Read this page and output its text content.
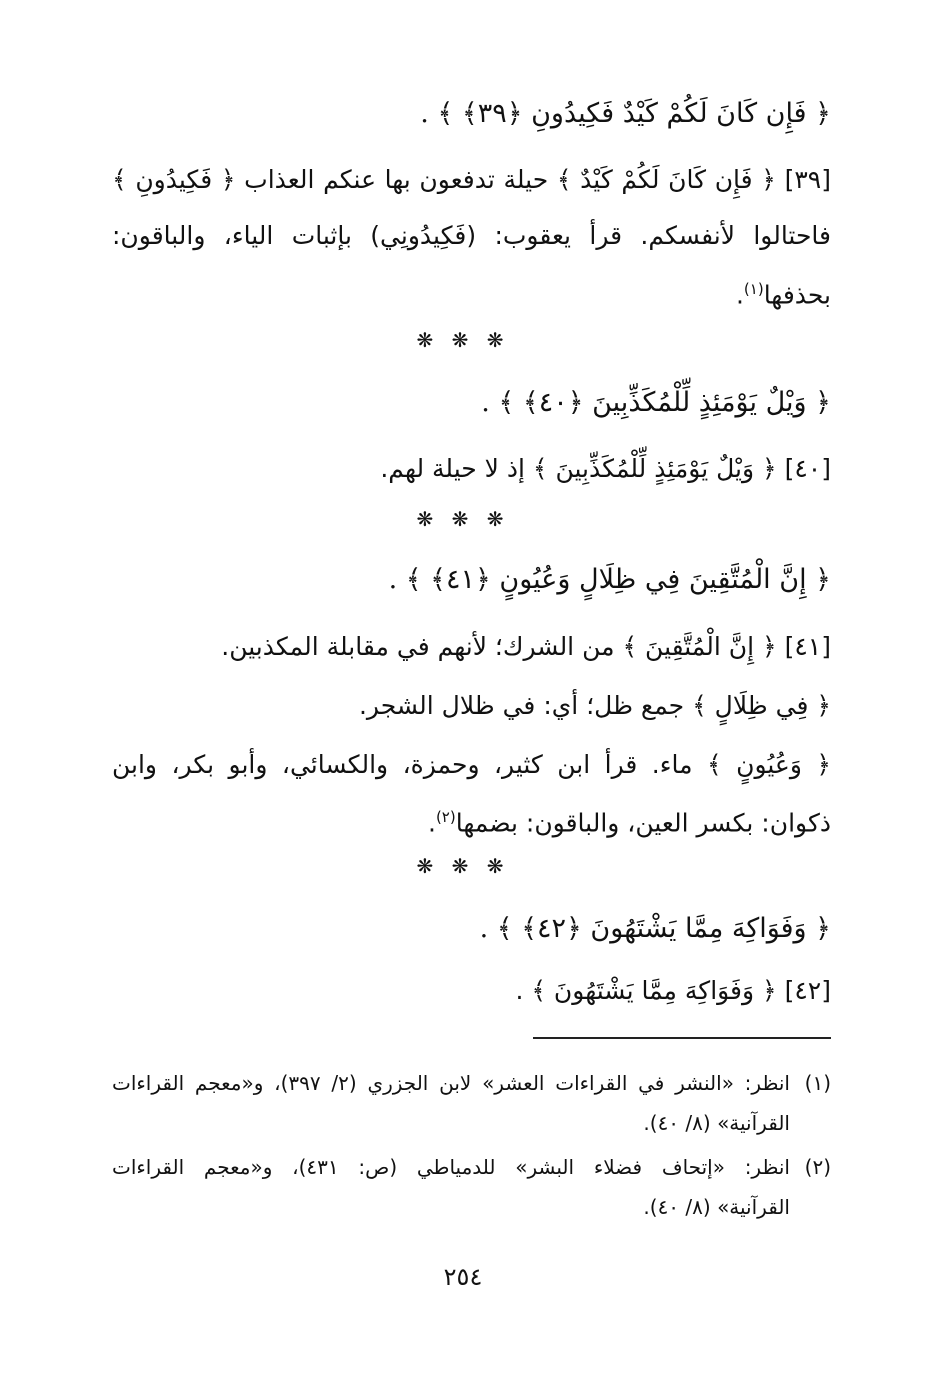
﴿ فَإِن كَانَ لَكُمْ كَيْدٌ فَكِيدُونِ ﴿٣٩﴾ ﴾ .
[٣٩] ﴿ فَإِن كَانَ لَكُمْ كَيْدٌ ﴾ حيلة تدفعون بها عنكم العذاب ﴿ فَكِيدُونِ ﴾
فاحتالوا لأنفسكم. قرأ يعقوب: (فَكِيدُونِي) بإثبات الياء، والباقون:
بحذفها$^{(١)}$.
❋ ❋ ❋
﴿ وَيْلٌ يَوْمَئِذٍ لِّلْمُكَذِّبِينَ ﴿٤٠﴾ ﴾ .
[٤٠] ﴿ وَيْلٌ يَوْمَئِذٍ لِّلْمُكَذِّبِينَ ﴾ إذ لا حيلة لهم.
❋ ❋ ❋
﴿ إِنَّ الْمُتَّقِينَ فِي ظِلَالٍ وَعُيُونٍ ﴿٤١﴾ ﴾ .
[٤١] ﴿ إِنَّ الْمُتَّقِينَ ﴾ من الشرك؛ لأنهم في مقابلة المكذبين.
﴿ فِي ظِلَالٍ ﴾ جمع ظل؛ أي: في ظلال الشجر.
﴿ وَعُيُونٍ ﴾ ماء. قرأ ابن كثير، وحمزة، والكسائي، وأبو بكر، وابن
ذكوان: بكسر العين، والباقون: بضمها$^{(٢)}$.
❋ ❋ ❋
﴿ وَفَوَاكِهَ مِمَّا يَشْتَهُونَ ﴿٤٢﴾ ﴾ .
[٤٢] ﴿ وَفَوَاكِهَ مِمَّا يَشْتَهُونَ ﴾ .
(١)
انظر: «النشر في القراءات العشر» لابن الجزري (٢/ ٣٩٧)، و«معجم القراءات
القرآنية» (٨/ ٤٠).
(٢)
انظر: «إتحاف فضلاء البشر» للدمياطي (ص: ٤٣١)، و«معجم القراءات
القرآنية» (٨/ ٤٠).
٢٥٤
